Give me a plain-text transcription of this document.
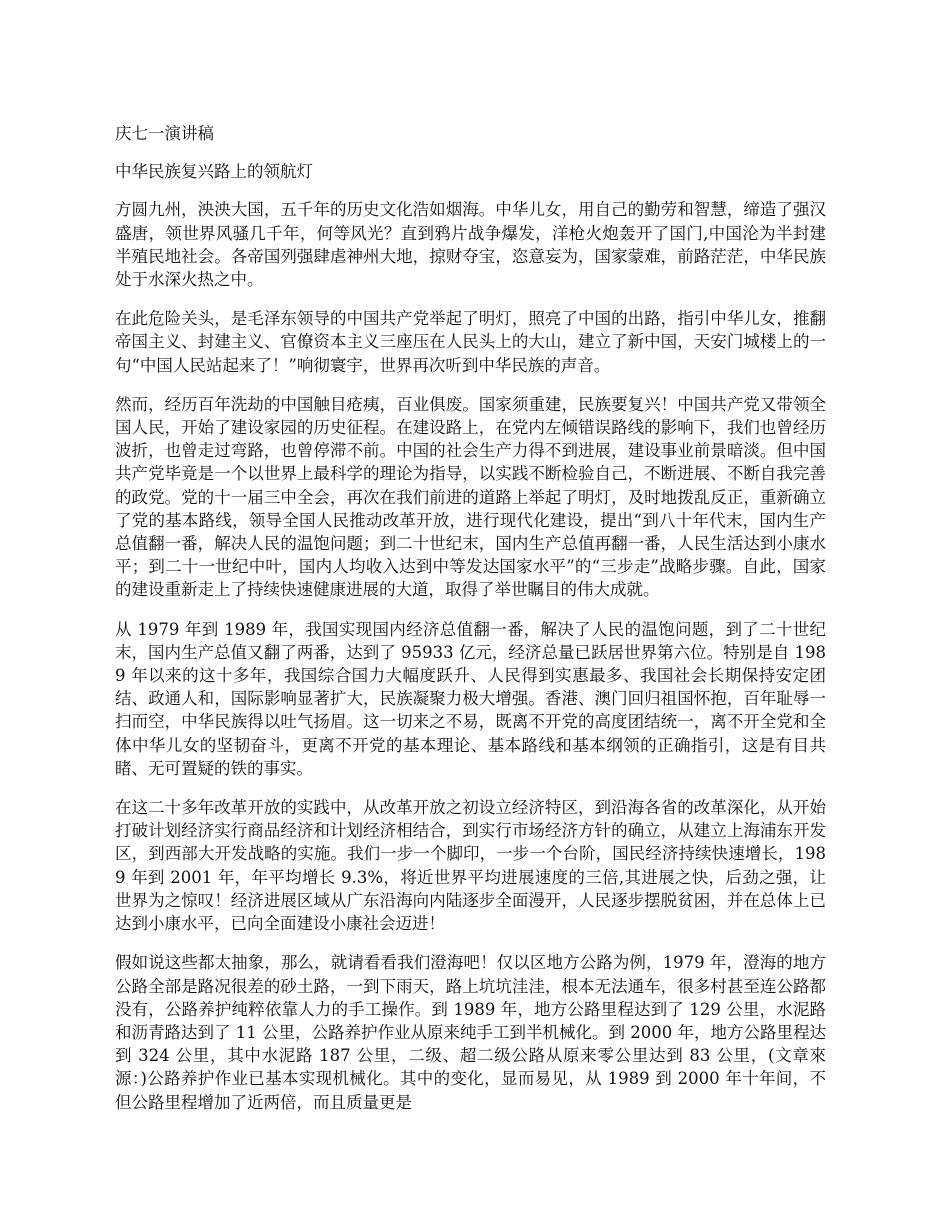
庆七一演讲稿

中华民族复兴路上的领航灯

方圆九州，泱泱大国，五千年的历史文化浩如烟海。中华儿女，用自己的勤劳和智慧，缔造了强汉盛唐，领世界风骚几千年，何等风光？直到鸦片战争爆发，洋枪火炮轰开了国门,中国沦为半封建半殖民地社会。各帝国列强肆虐神州大地，掠财夺宝，恣意妄为，国家蒙难，前路茫茫，中华民族处于水深火热之中。

在此危险关头，是毛泽东领导的中国共产党举起了明灯，照亮了中国的出路，指引中华儿女，推翻帝国主义、封建主义、官僚资本主义三座压在人民头上的大山，建立了新中国，天安门城楼上的一句“中国人民站起来了！”响彻寰宇，世界再次听到中华民族的声音。

然而，经历百年洗劫的中国触目疮痍，百业俱废。国家须重建，民族要复兴！中国共产党又带领全国人民，开始了建设家园的历史征程。在建设路上，在党内左倾错误路线的影响下，我们也曾经历波折，也曾走过弯路，也曾停滞不前。中国的社会生产力得不到进展，建设事业前景暗淡。但中国共产党毕竟是一个以世界上最科学的理论为指导，以实践不断检验自己，不断进展、不断自我完善的政党。党的十一届三中全会，再次在我们前进的道路上举起了明灯，及时地拨乱反正，重新确立了党的基本路线，领导全国人民推动改革开放，进行现代化建设，提出“到八十年代末，国内生产总值翻一番，解决人民的温饱问题；到二十世纪末，国内生产总值再翻一番，人民生活达到小康水平；到二十一世纪中叶，国内人均收入达到中等发达国家水平”的“三步走”战略步骤。自此，国家的建设重新走上了持续快速健康进展的大道，取得了举世瞩目的伟大成就。

从 1979 年到 1989 年，我国实现国内经济总值翻一番，解决了人民的温饱问题，到了二十世纪末，国内生产总值又翻了两番，达到了 95933 亿元，经济总量已跃居世界第六位。特别是自 1989 年以来的这十多年，我国综合国力大幅度跃升、人民得到实惠最多、我国社会长期保持安定团结、政通人和，国际影响显著扩大，民族凝聚力极大增强。香港、澳门回归祖国怀抱，百年耻辱一扫而空，中华民族得以吐气扬眉。这一切来之不易，既离不开党的高度团结统一，离不开全党和全体中华儿女的坚韧奋斗，更离不开党的基本理论、基本路线和基本纲领的正确指引，这是有目共睹、无可置疑的铁的事实。

在这二十多年改革开放的实践中，从改革开放之初设立经济特区，到沿海各省的改革深化，从开始打破计划经济实行商品经济和计划经济相结合，到实行市场经济方针的确立，从建立上海浦东开发区，到西部大开发战略的实施。我们一步一个脚印，一步一个台阶，国民经济持续快速增长，1989 年到 2001 年，年平均增长 9.3%，将近世界平均进展速度的三倍,其进展之快，后劲之强，让世界为之惊叹！经济进展区域从广东沿海向内陆逐步全面漫开，人民逐步摆脱贫困，并在总体上已达到小康水平，已向全面建设小康社会迈进！

假如说这些都太抽象，那么，就请看看我们澄海吧！仅以区地方公路为例，1979 年，澄海的地方公路全部是路况很差的砂土路，一到下雨天，路上坑坑洼洼，根本无法通车，很多村甚至连公路都没有，公路养护纯粹依靠人力的手工操作。到 1989 年，地方公路里程达到了 129 公里，水泥路和沥青路达到了 11 公里，公路养护作业从原来纯手工到半机械化。到 2000 年，地方公路里程达到 324 公里，其中水泥路 187 公里，二级、超二级公路从原来零公里达到 83 公里，(文章來源：)公路养护作业已基本实现机械化。其中的变化，显而易见，从 1989 到 2000 年十年间，不但公路里程增加了近两倍，而且质量更是
